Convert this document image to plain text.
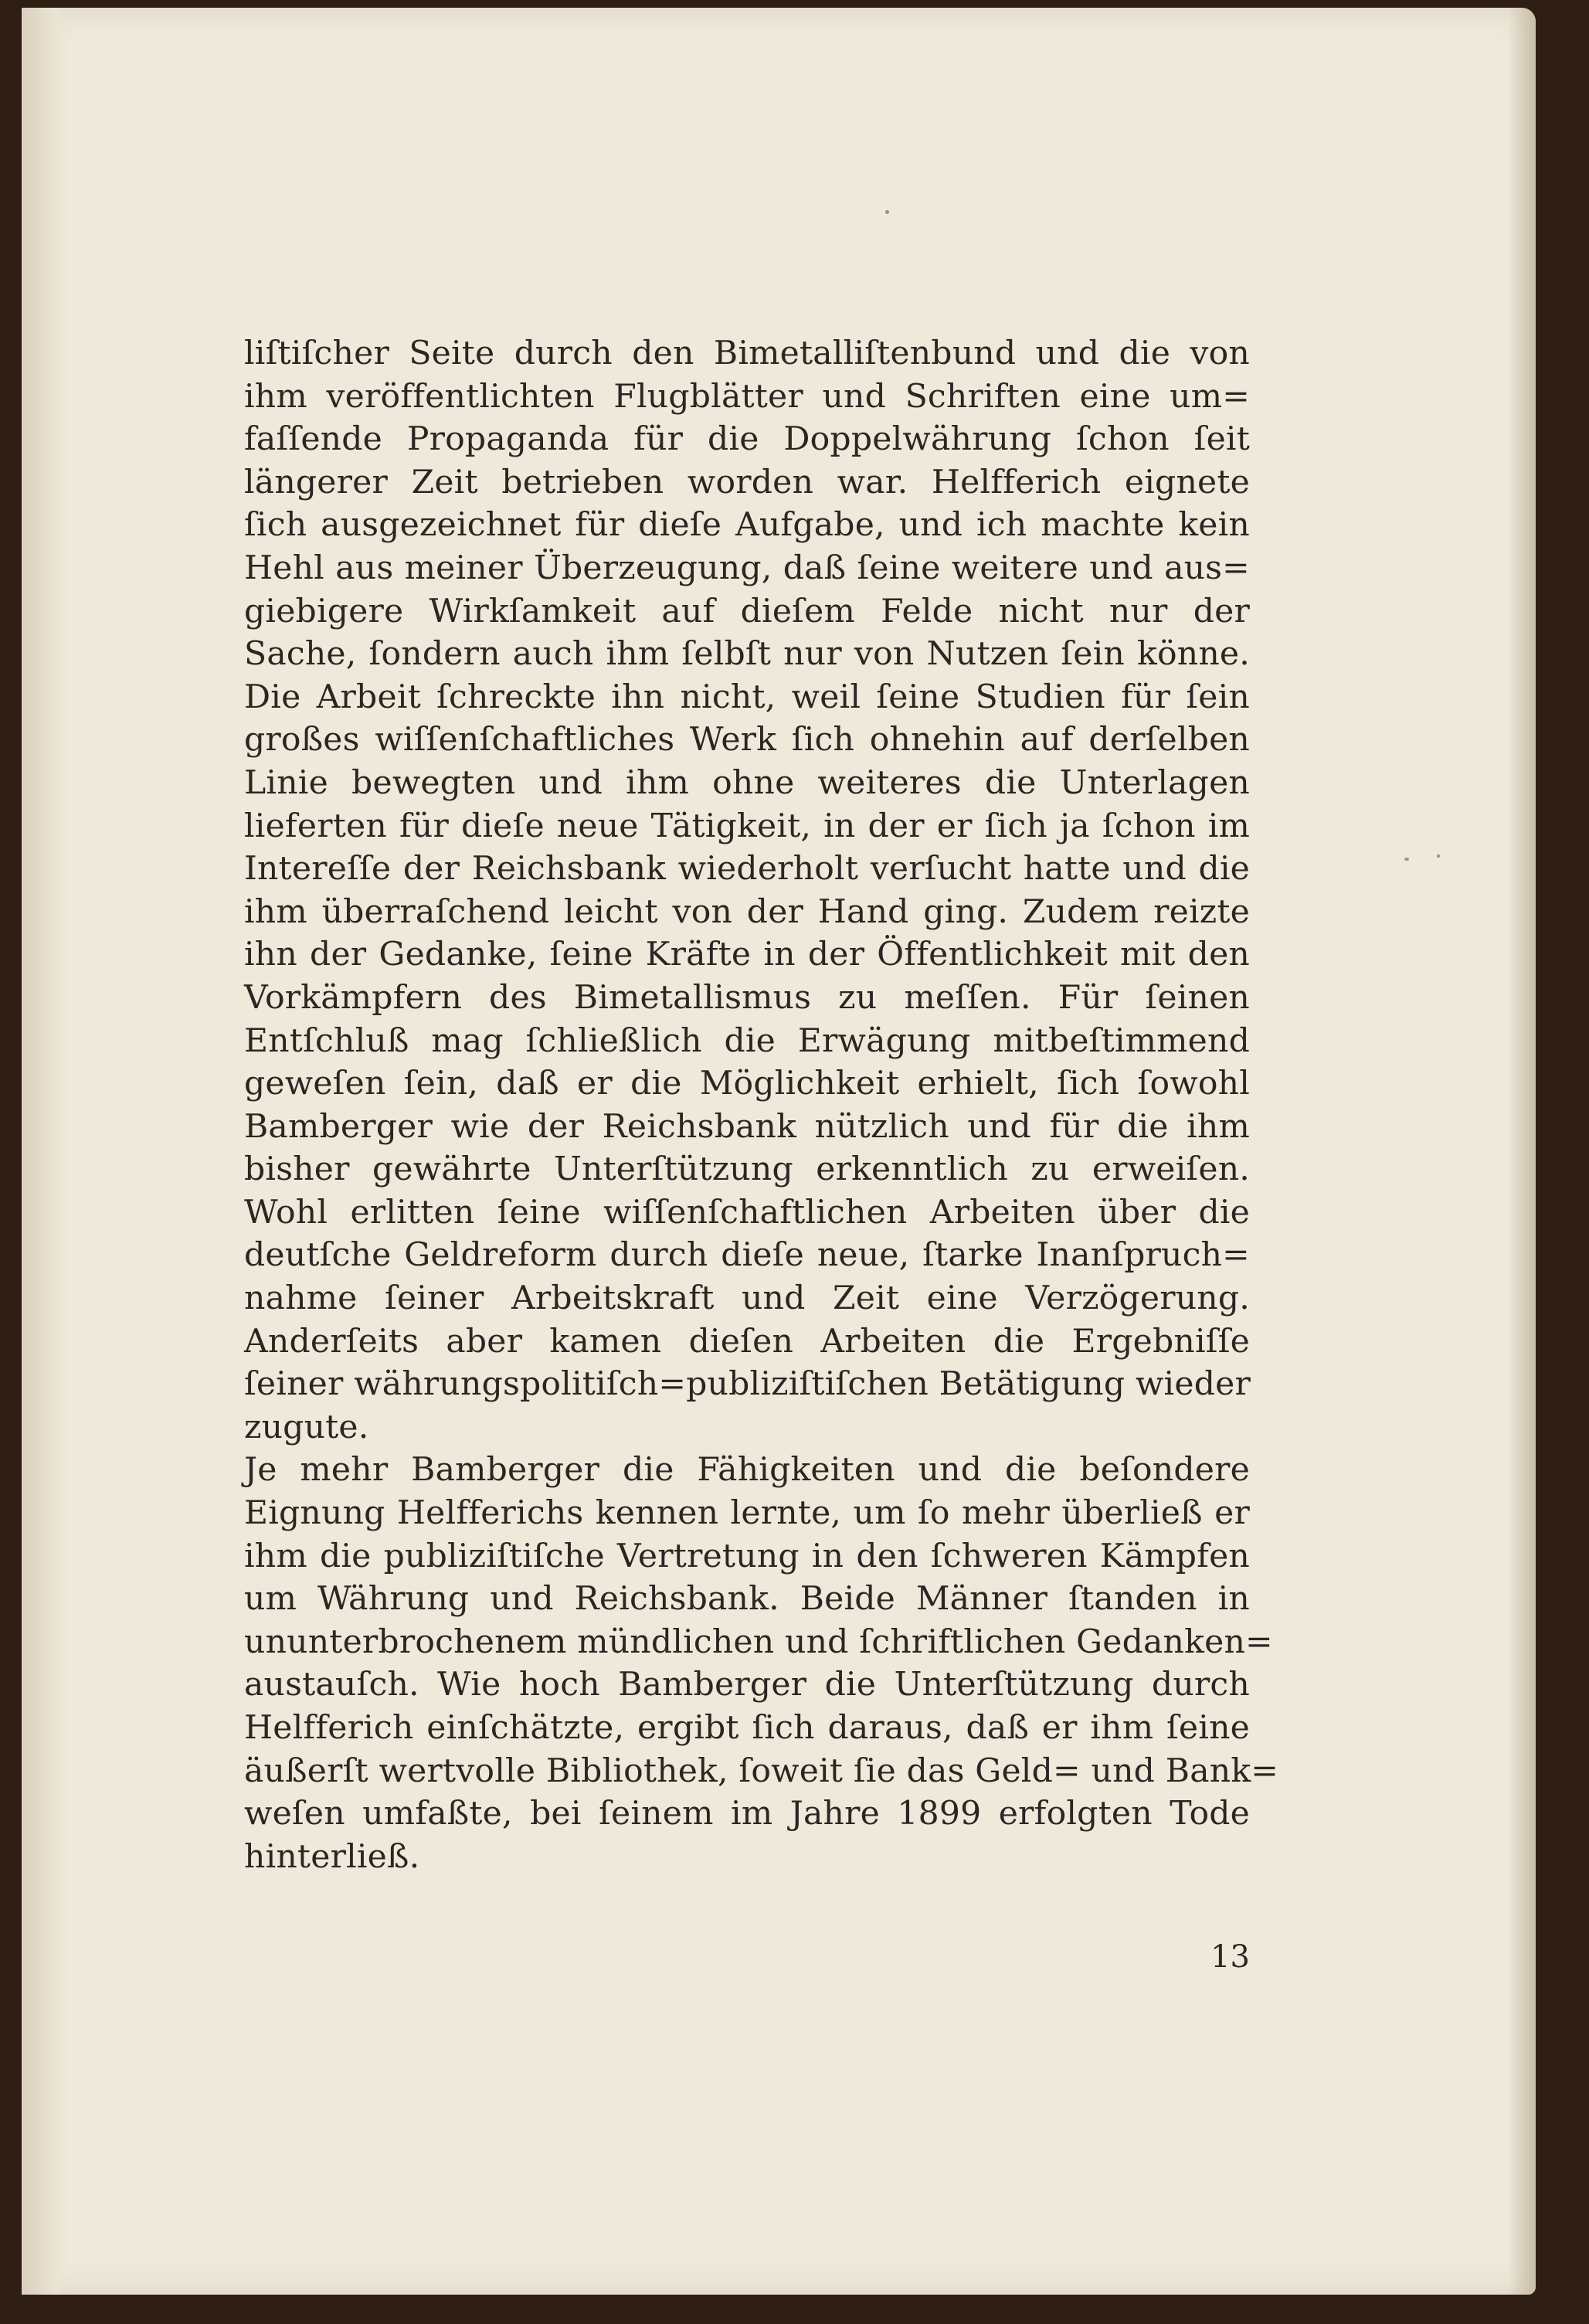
liſtiſcher Seite durch den Bimetalliſtenbund und die von
ihm veröffentlichten Flugblätter und Schriften eine um=
faſſende Propaganda für die Doppelwährung ſchon ſeit
längerer Zeit betrieben worden war. Helfferich eignete
ſich ausgezeichnet für dieſe Aufgabe, und ich machte kein
Hehl aus meiner Überzeugung, daß ſeine weitere und aus=
giebigere Wirkſamkeit auf dieſem Felde nicht nur der
Sache, ſondern auch ihm ſelbſt nur von Nutzen ſein könne.
Die Arbeit ſchreckte ihn nicht, weil ſeine Studien für ſein
großes wiſſenſchaftliches Werk ſich ohnehin auf derſelben
Linie bewegten und ihm ohne weiteres die Unterlagen
lieferten für dieſe neue Tätigkeit, in der er ſich ja ſchon im
Intereſſe der Reichsbank wiederholt verſucht hatte und die
ihm überraſchend leicht von der Hand ging. Zudem reizte
ihn der Gedanke, ſeine Kräfte in der Öffentlichkeit mit den
Vorkämpfern des Bimetallismus zu meſſen. Für ſeinen
Entſchluß mag ſchließlich die Erwägung mitbeſtimmend
geweſen ſein, daß er die Möglichkeit erhielt, ſich ſowohl
Bamberger wie der Reichsbank nützlich und für die ihm
bisher gewährte Unterſtützung erkenntlich zu erweiſen.
Wohl erlitten ſeine wiſſenſchaftlichen Arbeiten über die
deutſche Geldreform durch dieſe neue, ſtarke Inanſpruch=
nahme ſeiner Arbeitskraft und Zeit eine Verzögerung.
Anderſeits aber kamen dieſen Arbeiten die Ergebniſſe
ſeiner währungspolitiſch=publiziſtiſchen Betätigung wieder
zugute.
Je mehr Bamberger die Fähigkeiten und die beſondere
Eignung Helfferichs kennen lernte, um ſo mehr überließ er
ihm die publiziſtiſche Vertretung in den ſchweren Kämpfen
um Währung und Reichsbank. Beide Männer ſtanden in
ununterbrochenem mündlichen und ſchriftlichen Gedanken=
austauſch. Wie hoch Bamberger die Unterſtützung durch
Helfferich einſchätzte, ergibt ſich daraus, daß er ihm ſeine
äußerſt wertvolle Bibliothek, ſoweit ſie das Geld= und Bank=
weſen umfaßte, bei ſeinem im Jahre 1899 erfolgten Tode
hinterließ.
13
